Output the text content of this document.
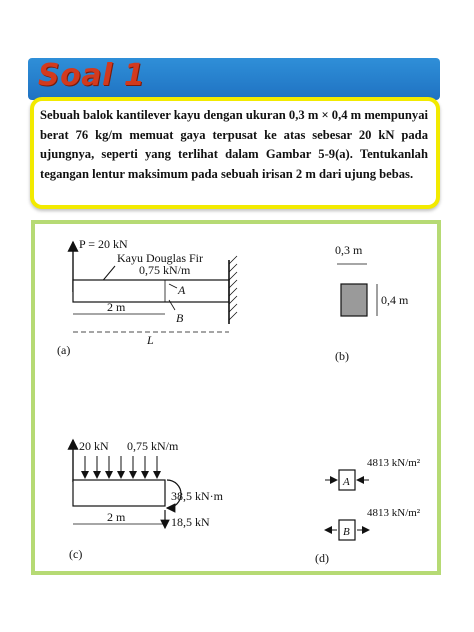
Soal 1
Sebuah balok kantilever kayu dengan ukuran 0,3 m × 0,4 m mempunyai berat 76 kg/m memuat gaya terpusat ke atas sebesar 20 kN pada ujungnya, seperti yang terlihat dalam Gambar 5-9(a). Tentukanlah tegangan lentur maksimum pada sebuah irisan 2 m dari ujung bebas.
P = 20 kN
Kayu Douglas Fir
0,75 kN/m
A
B
2 m
L
(a)
0,3 m
0,4 m
(b)
20 kN 0,75 kN/m
38,5 kN·m
18,5 kN
2 m
(c)
4813 kN/m²
A
4813 kN/m²
B
(d)
